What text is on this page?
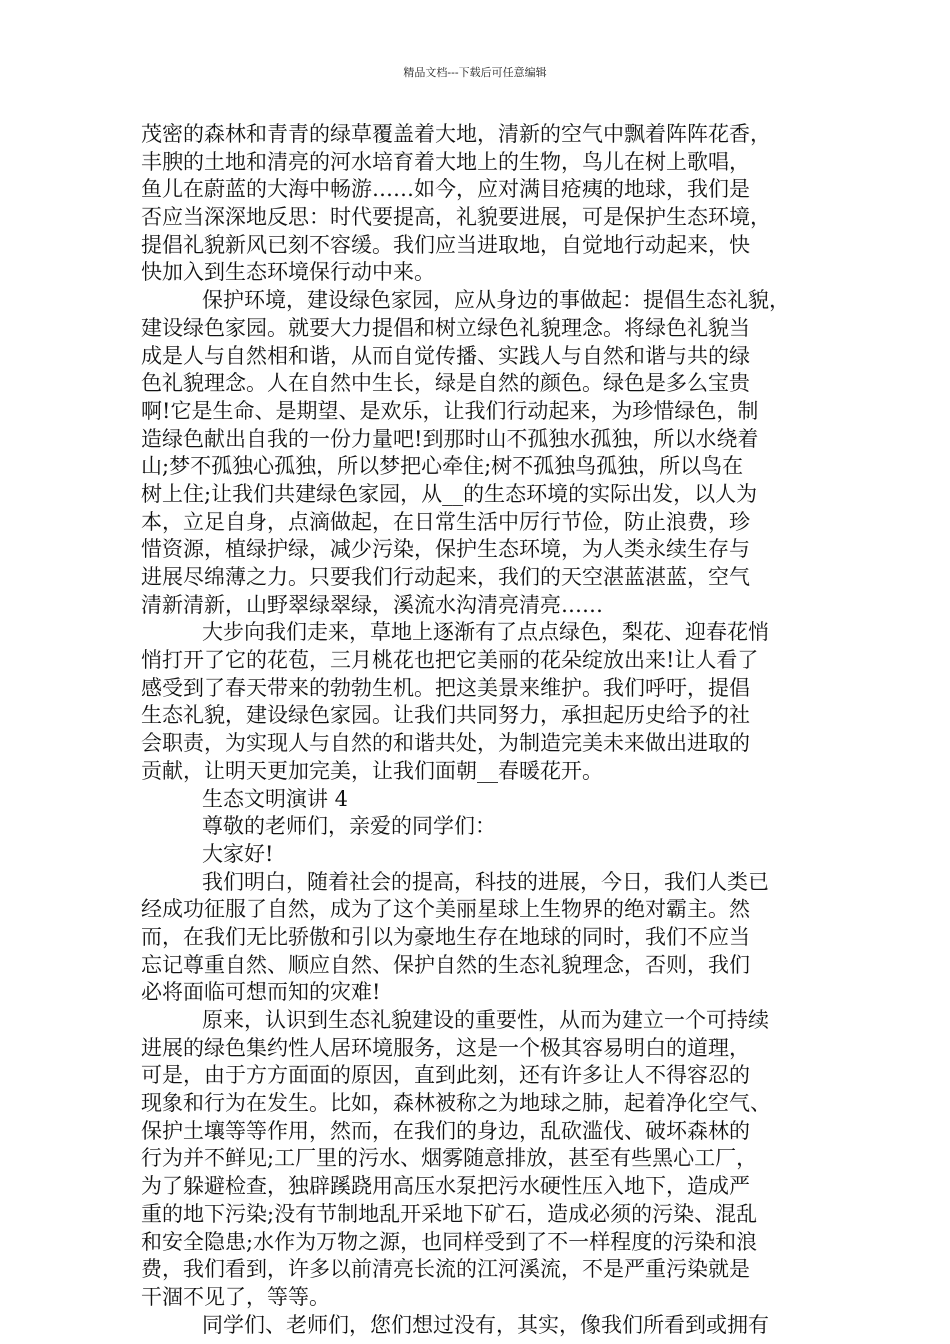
精品文档---下载后可任意编辑
茂密的森林和青青的绿草覆盖着大地，清新的空气中飘着阵阵花香，
丰腴的土地和清亮的河水培育着大地上的生物，鸟儿在树上歌唱，
鱼儿在蔚蓝的大海中畅游……如今，应对满目疮痍的地球，我们是
否应当深深地反思：时代要提高，礼貌要进展，可是保护生态环境，
提倡礼貌新风已刻不容缓。我们应当进取地，自觉地行动起来，快
快加入到生态环境保行动中来。
保护环境，建设绿色家园，应从身边的事做起：提倡生态礼貌，
建设绿色家园。就要大力提倡和树立绿色礼貌理念。将绿色礼貌当
成是人与自然相和谐，从而自觉传播、实践人与自然和谐与共的绿
色礼貌理念。人在自然中生长，绿是自然的颜色。绿色是多么宝贵
啊!它是生命、是期望、是欢乐，让我们行动起来，为珍惜绿色，制
造绿色献出自我的一份力量吧!到那时山不孤独水孤独，所以水绕着
山;梦不孤独心孤独，所以梦把心牵住;树不孤独鸟孤独，所以鸟在
树上住;让我们共建绿色家园，从__的生态环境的实际出发，以人为
本，立足自身，点滴做起，在日常生活中厉行节俭，防止浪费，珍
惜资源，植绿护绿，减少污染，保护生态环境，为人类永续生存与
进展尽绵薄之力。只要我们行动起来，我们的天空湛蓝湛蓝，空气
清新清新，山野翠绿翠绿，溪流水沟清亮清亮……
大步向我们走来，草地上逐渐有了点点绿色，梨花、迎春花悄
悄打开了它的花苞，三月桃花也把它美丽的花朵绽放出来!让人看了
感受到了春天带来的勃勃生机。把这美景来维护。我们呼吁，提倡
生态礼貌，建设绿色家园。让我们共同努力，承担起历史给予的社
会职责，为实现人与自然的和谐共处，为制造完美未来做出进取的
贡献，让明天更加完美，让我们面朝__春暖花开。
生态文明演讲 4
尊敬的老师们，亲爱的同学们：
大家好!
我们明白，随着社会的提高，科技的进展，今日，我们人类已
经成功征服了自然，成为了这个美丽星球上生物界的绝对霸主。然
而，在我们无比骄傲和引以为豪地生存在地球的同时，我们不应当
忘记尊重自然、顺应自然、保护自然的生态礼貌理念，否则，我们
必将面临可想而知的灾难!
原来，认识到生态礼貌建设的重要性，从而为建立一个可持续
进展的绿色集约性人居环境服务，这是一个极其容易明白的道理，
可是，由于方方面面的原因，直到此刻，还有许多让人不得容忍的
现象和行为在发生。比如，森林被称之为地球之肺，起着净化空气、
保护土壤等等作用，然而，在我们的身边，乱砍滥伐、破坏森林的
行为并不鲜见;工厂里的污水、烟雾随意排放，甚至有些黑心工厂，
为了躲避检查，独辟蹊跷用高压水泵把污水硬性压入地下，造成严
重的地下污染;没有节制地乱开采地下矿石，造成必须的污染、混乱
和安全隐患;水作为万物之源，也同样受到了不一样程度的污染和浪
费，我们看到，许多以前清亮长流的江河溪流，不是严重污染就是
干涸不见了，等等。
同学们、老师们，您们想过没有，其实，像我们所看到或拥有
